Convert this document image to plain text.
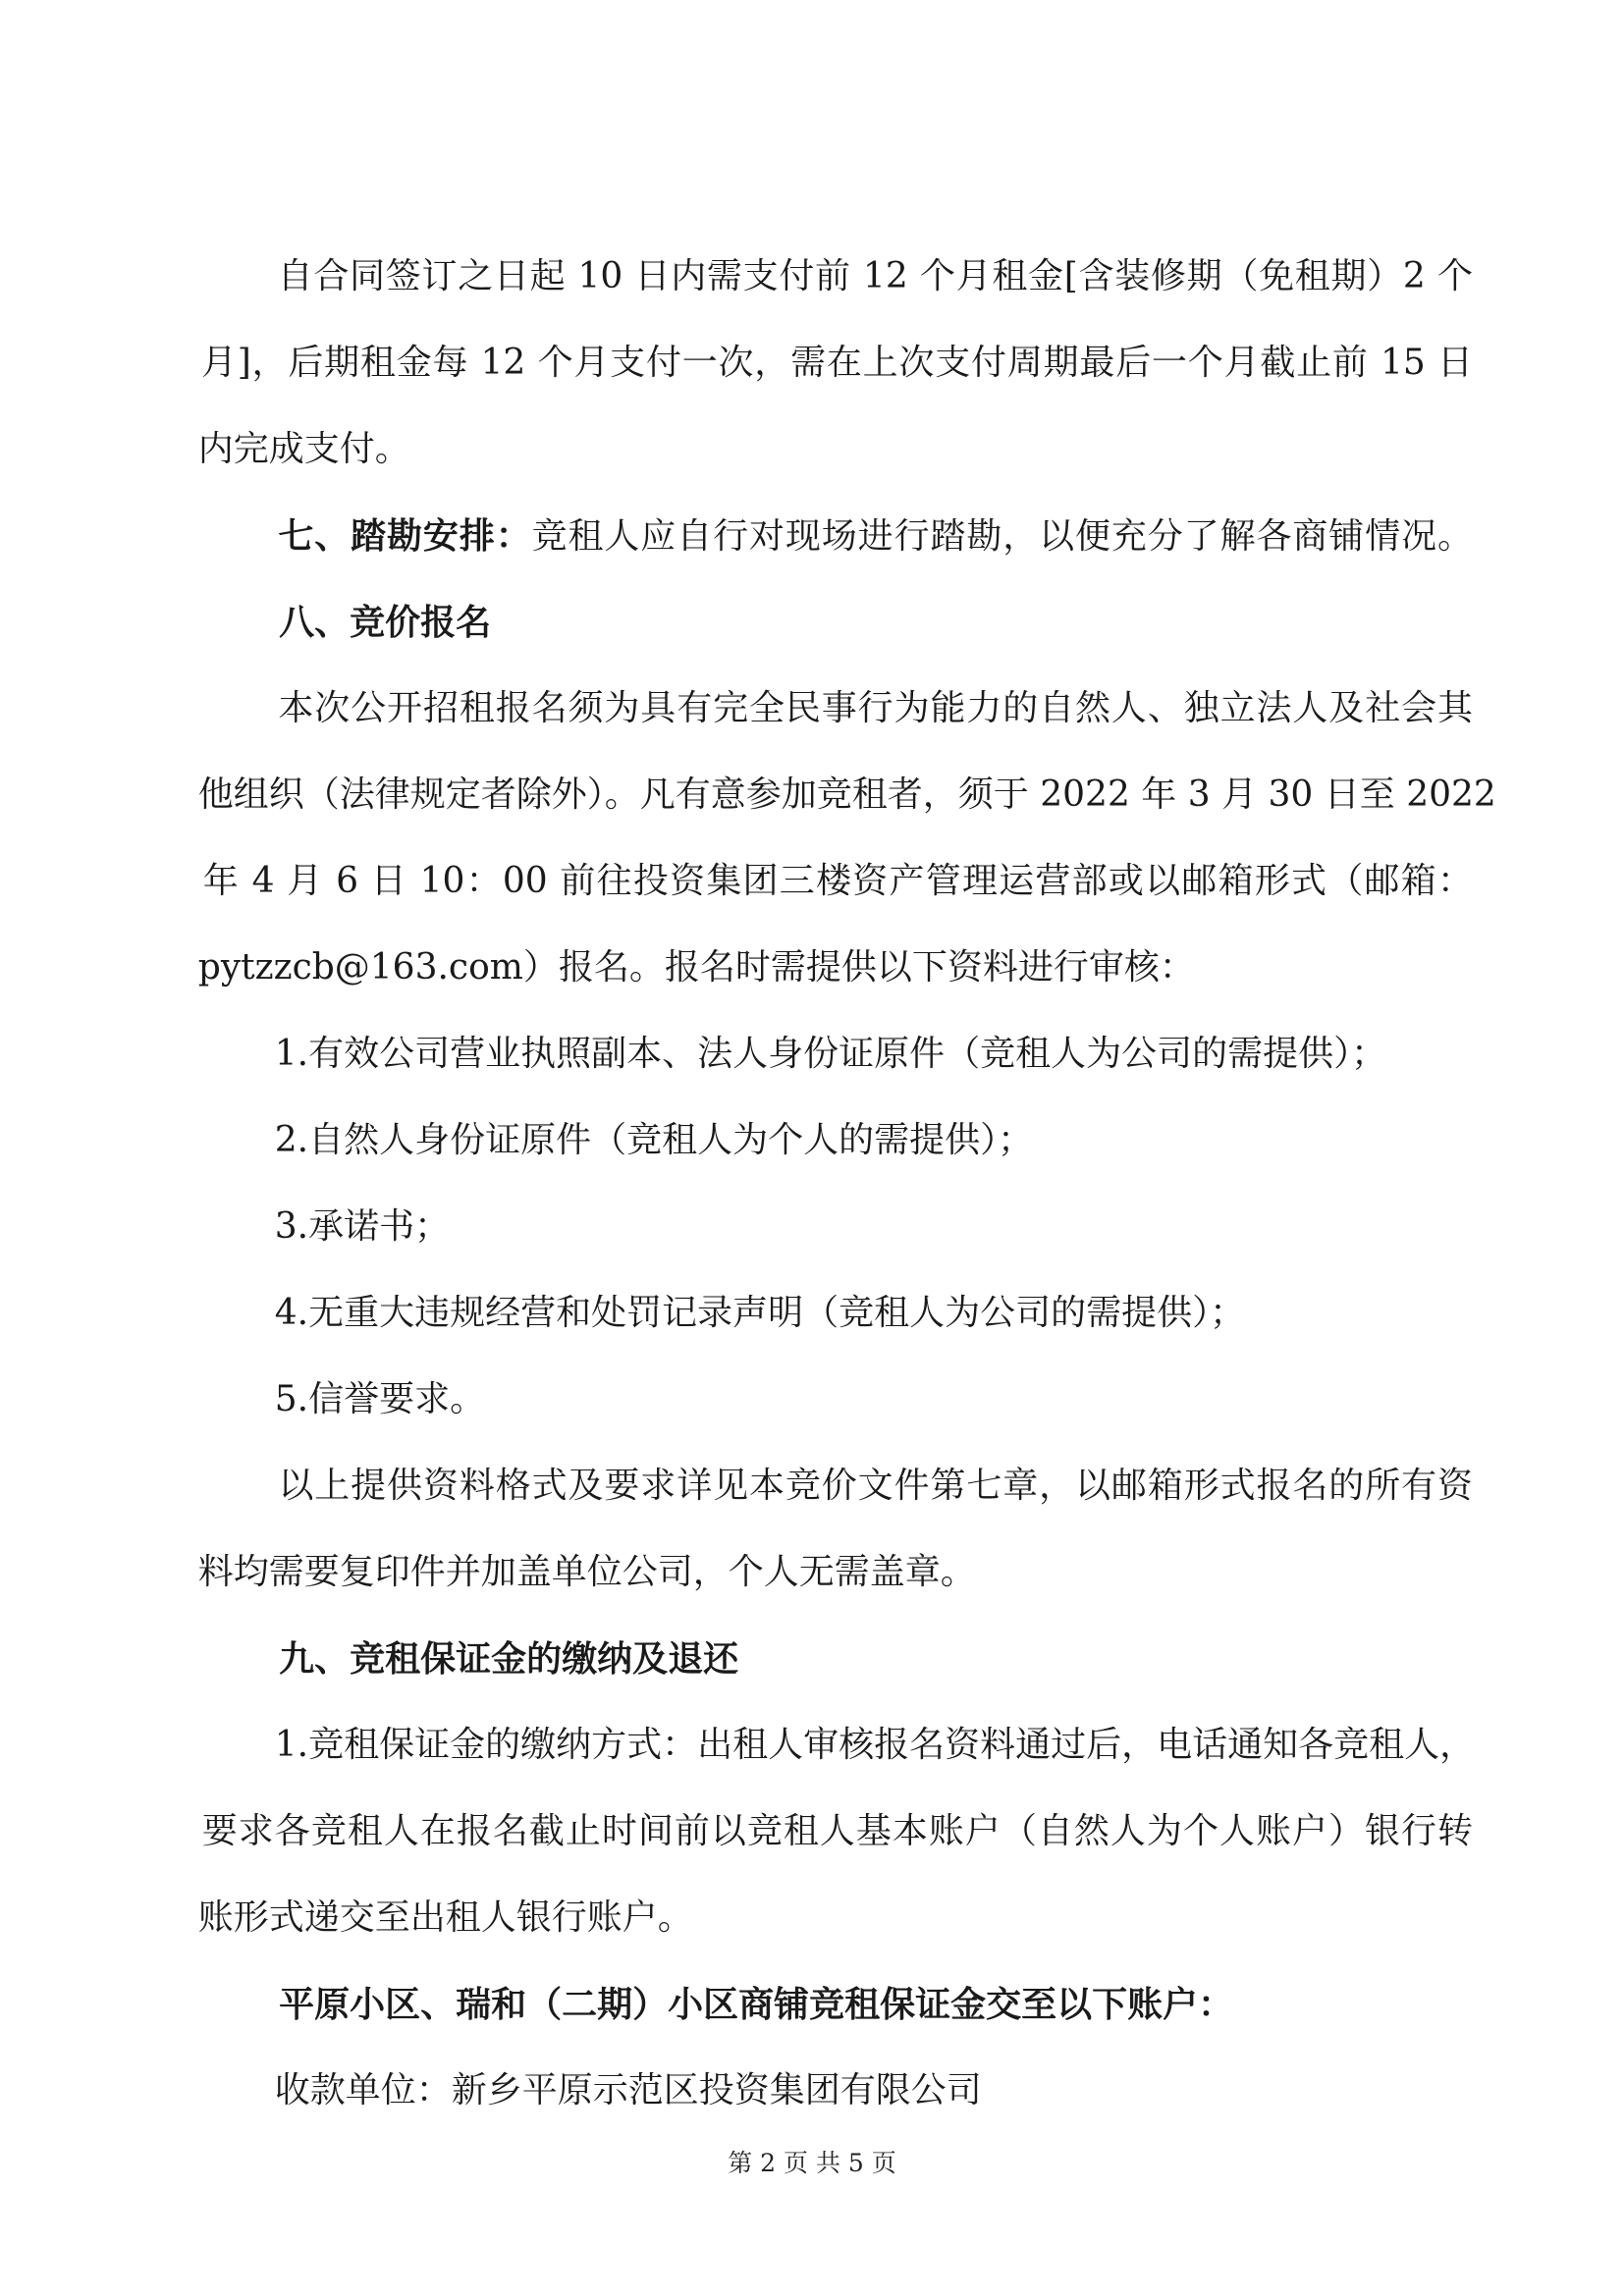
自合同签订之日起 10 日内需支付前 12 个月租金[含装修期（免租期）2 个

月]，后期租金每 12 个月支付一次，需在上次支付周期最后一个月截止前 15 日

内完成支付。

七、踏勘安排：竞租人应自行对现场进行踏勘，以便充分了解各商铺情况。

八、竞价报名

本次公开招租报名须为具有完全民事行为能力的自然人、独立法人及社会其

他组织（法律规定者除外）。凡有意参加竞租者，须于 2022 年 3 月 30 日至 2022

年 4 月 6 日 10：00 前往投资集团三楼资产管理运营部或以邮箱形式（邮箱：

pytzzcb@163.com）报名。报名时需提供以下资料进行审核：

1.有效公司营业执照副本、法人身份证原件（竞租人为公司的需提供）；

2.自然人身份证原件（竞租人为个人的需提供）；

3.承诺书；

4.无重大违规经营和处罚记录声明（竞租人为公司的需提供）；

5.信誉要求。

以上提供资料格式及要求详见本竞价文件第七章，以邮箱形式报名的所有资

料均需要复印件并加盖单位公司，个人无需盖章。

九、竞租保证金的缴纳及退还

1.竞租保证金的缴纳方式：出租人审核报名资料通过后，电话通知各竞租人，

要求各竞租人在报名截止时间前以竞租人基本账户（自然人为个人账户）银行转

账形式递交至出租人银行账户。

平原小区、瑞和（二期）小区商铺竞租保证金交至以下账户：

收款单位：新乡平原示范区投资集团有限公司

第 2 页 共 5 页
